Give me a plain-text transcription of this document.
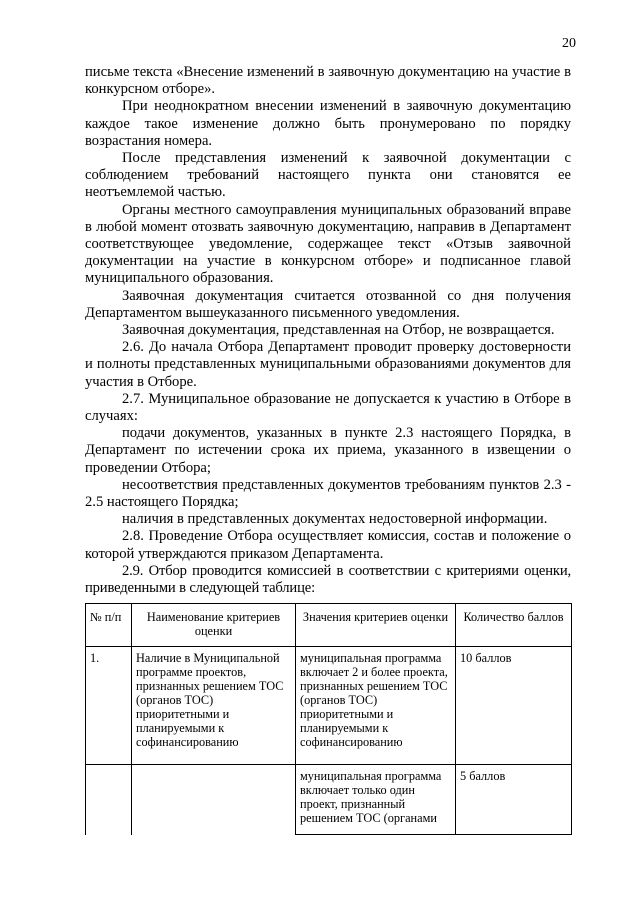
20

письме текста «Внесение изменений в заявочную документацию на участие в конкурсном отборе».

При неоднократном внесении изменений в заявочную документацию каждое такое изменение должно быть пронумеровано по порядку возрастания номера.

После представления изменений к заявочной документации с соблюдением требований настоящего пункта они становятся ее неотъемлемой частью.

Органы местного самоуправления муниципальных образований вправе в любой момент отозвать заявочную документацию, направив в Департамент соответствующее уведомление, содержащее текст «Отзыв заявочной документации на участие в конкурсном отборе» и подписанное главой муниципального образования.

Заявочная документация считается отозванной со дня получения Департаментом вышеуказанного письменного уведомления.

Заявочная документация, представленная на Отбор, не возвращается.

2.6. До начала Отбора Департамент проводит проверку достоверности и полноты представленных муниципальными образованиями документов для участия в Отборе.

2.7. Муниципальное образование не допускается к участию в Отборе в случаях:

подачи документов, указанных в пункте 2.3 настоящего Порядка, в Департамент по истечении срока их приема, указанного в извещении о проведении Отбора;

несоответствия представленных документов требованиям пунктов 2.3 - 2.5 настоящего Порядка;

наличия в представленных документах недостоверной информации.

2.8. Проведение Отбора осуществляет комиссия, состав и положение о которой утверждаются приказом Департамента.

2.9. Отбор проводится комиссией в соответствии с критериями оценки, приведенными в следующей таблице:

№ п/п	Наименование критериев оценки	Значения критериев оценки	Количество баллов
1.	Наличие в Муниципальной программе проектов, признанных решением ТОС (органов ТОС) приоритетными и планируемыми к софинансированию	муниципальная программа включает 2 и более проекта, признанных решением ТОС (органов ТОС) приоритетными и планируемыми к софинансированию	10 баллов
		муниципальная программа включает только один проект, признанный решением ТОС (органами	5 баллов
